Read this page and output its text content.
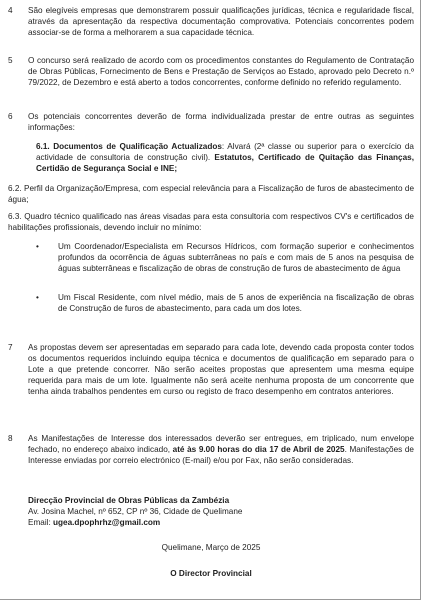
4	São elegíveis empresas que demonstrarem possuir qualificações jurídicas, técnica e regularidade fiscal, através da apresentação da respectiva documentação comprovativa. Potenciais concorrentes podem associar-se de forma a melhorarem a sua capacidade técnica.
5	O concurso será realizado de acordo com os procedimentos constantes do Regulamento de Contratação de Obras Públicas, Fornecimento de Bens e Prestação de Serviços ao Estado, aprovado pelo Decreto n.º 79/2022, de Dezembro e está aberto a todos concorrentes, conforme definido no referido regulamento.
6	Os potenciais concorrentes deverão de forma individualizada prestar de entre outras as seguintes informações:
6.1. Documentos de Qualificação Actualizados: Alvará (2ª classe ou superior para o exercício da actividade de consultoria de construção civil). Estatutos, Certificado de Quitação das Finanças, Certidão de Segurança Social e INE;
6.2. Perfil da Organização/Empresa, com especial relevância para a Fiscalização de furos de abastecimento de água;
6.3. Quadro técnico qualificado nas áreas visadas para esta consultoria com respectivos CV's e certificados de habilitações profissionais, devendo incluir no mínimo:
• Um Coordenador/Especialista em Recursos Hídricos, com formação superior e conhecimentos profundos da ocorrência de águas subterrâneas no país e com mais de 5 anos na pesquisa de águas subterrâneas e fiscalização de obras de construção de furos de abastecimento de água
• Um Fiscal Residente, com nível médio, mais de 5 anos de experiência na fiscalização de obras de Construção de furos de abastecimento, para cada um dos lotes.
7	As propostas devem ser apresentadas em separado para cada lote, devendo cada proposta conter todos os documentos requeridos incluindo equipa técnica e documentos de qualificação em separado para o Lote a que pretende concorrer. Não serão aceites propostas que apresentem uma mesma equipe requerida para mais de um lote. Igualmente não será aceite nenhuma proposta de um concorrente que tenha ainda trabalhos pendentes em curso ou registo de fraco desempenho em contratos anteriores.
8	As Manifestações de Interesse dos interessados deverão ser entregues, em triplicado, num envelope fechado, no endereço abaixo indicado, até às 9.00 horas do dia 17 de Abril de 2025. Manifestações de Interesse enviadas por correio electrónico (E-mail) e/ou por Fax, não serão consideradas.
Direcção Provincial de Obras Públicas da Zambézia
Av. Josina Machel, nº 652, CP nº 36, Cidade de Quelimane
Email: ugea.dpophrhz@gmail.com
Quelimane, Março de 2025
O Director Provincial
